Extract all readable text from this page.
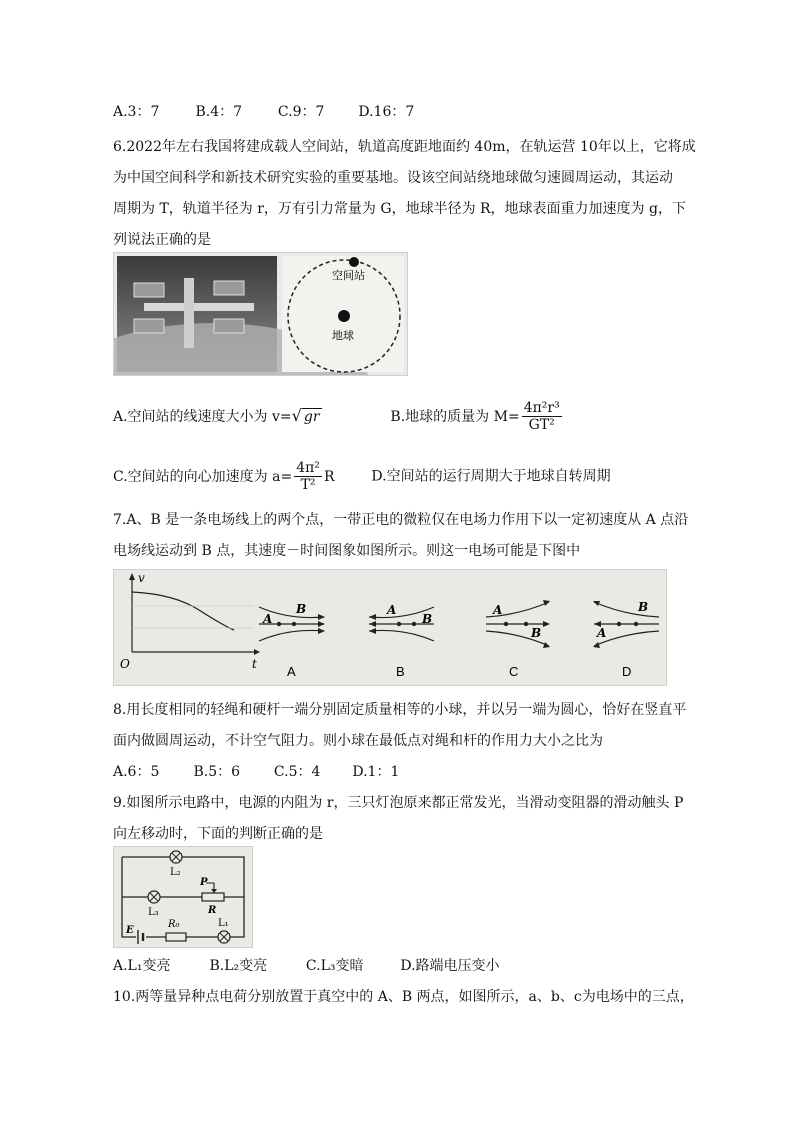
A.3：7	B.4：7	C.9：7 D.16：7
6.2022年左右我国将建成载人空间站，轨道高度距地面约 40m，在轨运营 10年以上，它将成
为中国空间科学和新技术研究实验的重要基地。设该空间站绕地球做匀速圆周运动，其运动
周期为 T，轨道半径为 r，万有引力常量为 G，地球半径为 R，地球表面重力加速度为 g，下
列说法正确的是
空间站
地球
A.空间站的线速度大小为 v=√ gr	B.地球的质量为 $M= \frac{\text{4π²r³}}{\text{GT²}}$
C.空间站的向心加速度为 $a= \frac{\text{4π²}}{\text{T²}}$ R	D.空间站的运行周期大于地球自转周期
7.A、B 是一条电场线上的两个点，一带正电的微粒仅在电场力作用下以一定初速度从 A 点沿
电场线运动到 B 点，其速度－时间图象如图所示。则这一电场可能是下图中
v
t
O
A
B	A
B
A
B	A
B
A	B	C	D
8.用长度相同的轻绳和硬杆一端分别固定质量相等的小球，并以另一端为圆心，恰好在竖直平
面内做圆周运动，不计空气阻力。则小球在最低点对绳和杆的作用力大小之比为
A.6：5 B.5：6 C.5：4 D.1：1
9.如图所示电路中，电源的内阻为 r，三只灯泡原来都正常发光，当滑动变阻器的滑动触头 P
向左移动时，下面的判断正确的是
L₂
L₃
P
R
E
R₀	L₁
A.L₁变亮	B.L₂变亮	C.L₃变暗	D.路端电压变小
10.两等量异种点电荷分别放置于真空中的 A、B 两点，如图所示，a、b、c为电场中的三点，
